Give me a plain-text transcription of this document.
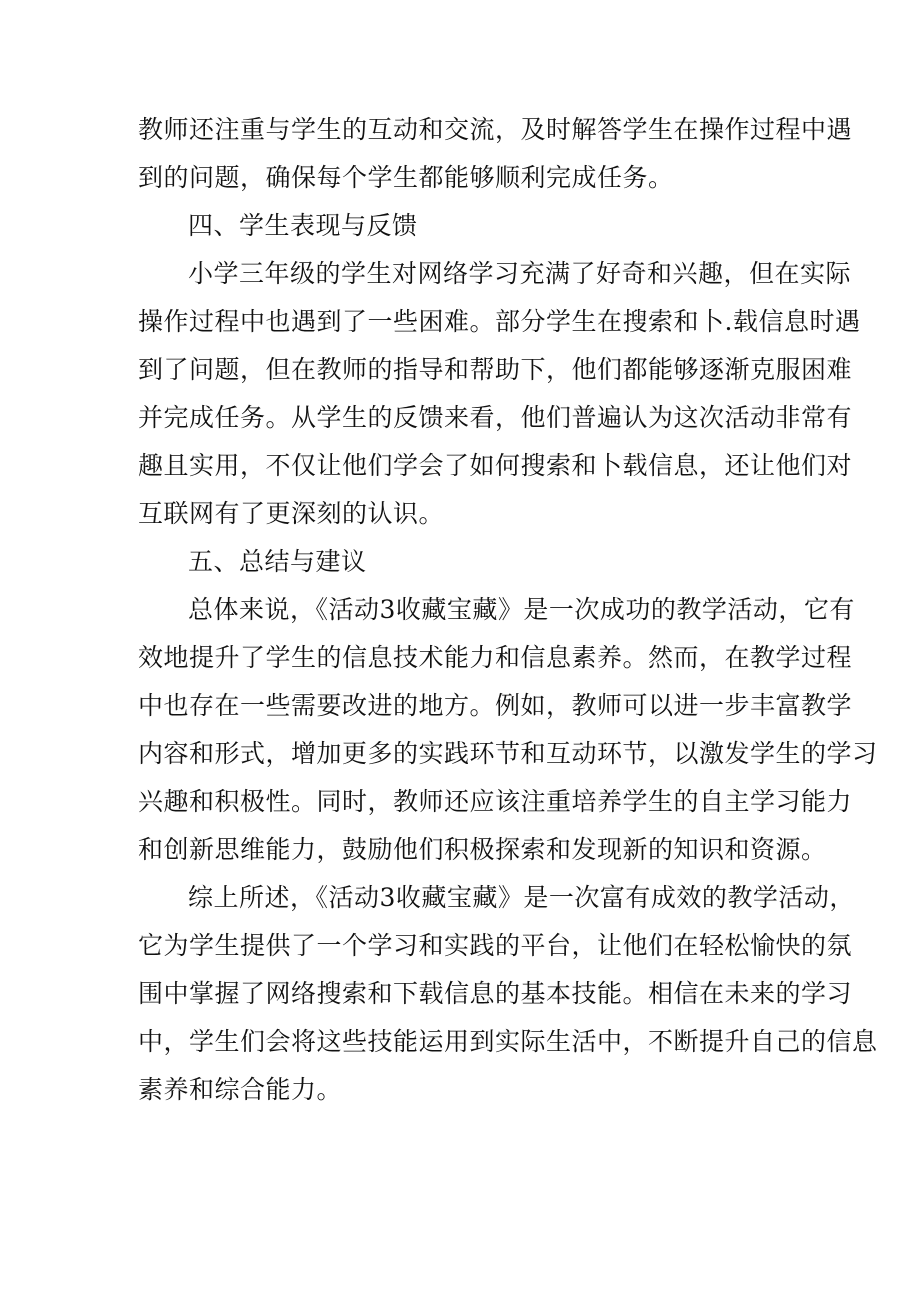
教师还注重与学生的互动和交流，及时解答学生在操作过程中遇
到的问题，确保每个学生都能够顺利完成任务。
四、学生表现与反馈
小学三年级的学生对网络学习充满了好奇和兴趣，但在实际
操作过程中也遇到了一些困难。部分学生在搜索和卜.载信息时遇
到了问题，但在教师的指导和帮助下，他们都能够逐渐克服困难
并完成任务。从学生的反馈来看，他们普遍认为这次活动非常有
趣且实用，不仅让他们学会了如何搜索和卜载信息，还让他们对
互联网有了更深刻的认识。
五、总结与建议
总体来说，《活动3收藏宝藏》是一次成功的教学活动，它有
效地提升了学生的信息技术能力和信息素养。然而，在教学过程
中也存在一些需要改进的地方。例如，教师可以进一步丰富教学
内容和形式，增加更多的实践环节和互动环节，以激发学生的学习
兴趣和积极性。同时，教师还应该注重培养学生的自主学习能力
和创新思维能力，鼓励他们积极探索和发现新的知识和资源。
综上所述，《活动3收藏宝藏》是一次富有成效的教学活动，
它为学生提供了一个学习和实践的平台，让他们在轻松愉快的氛
围中掌握了网络搜索和下载信息的基本技能。相信在未来的学习
中，学生们会将这些技能运用到实际生活中，不断提升自己的信息
素养和综合能力。
